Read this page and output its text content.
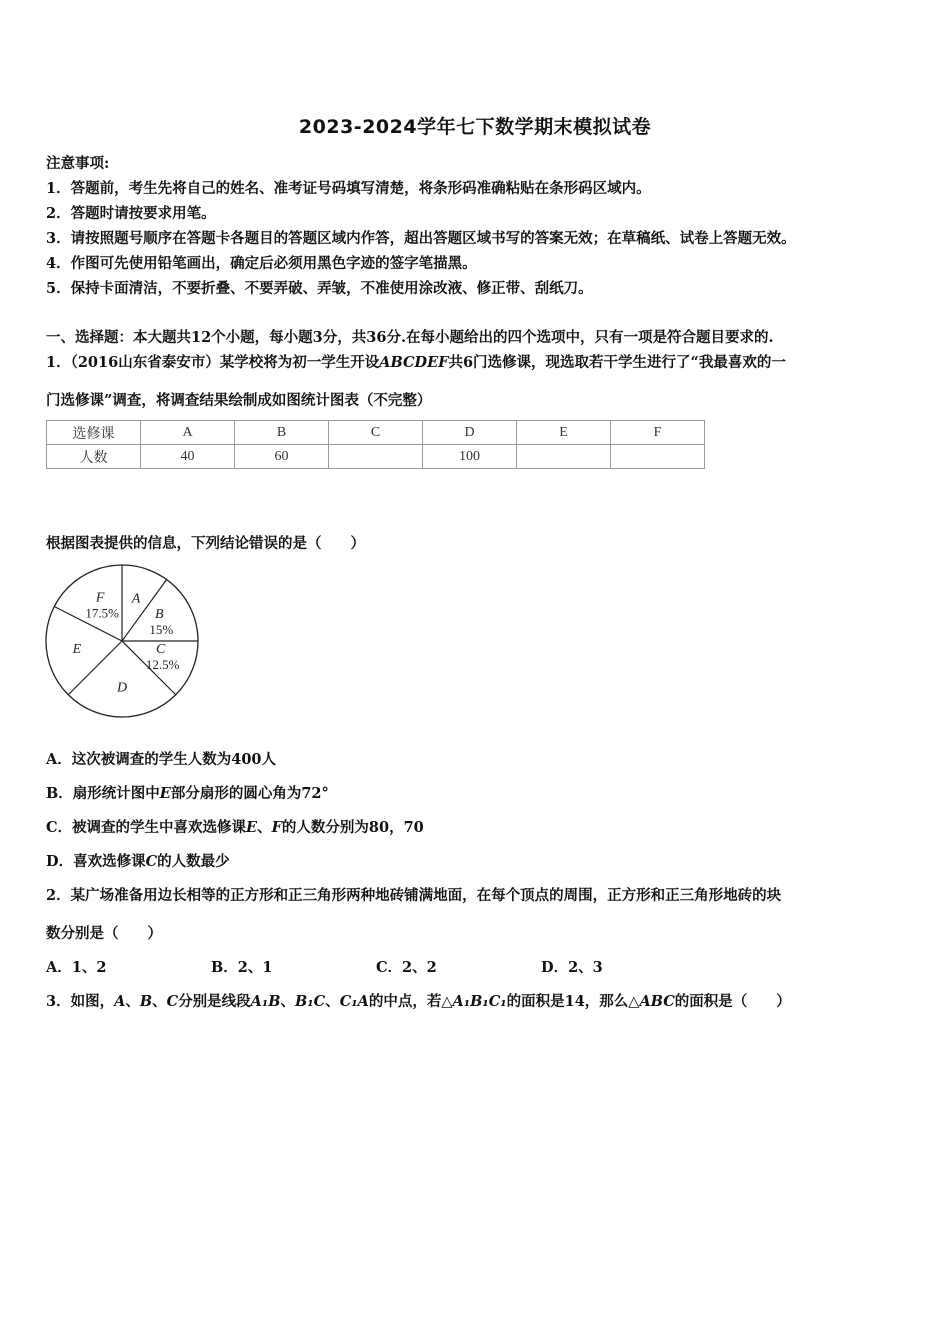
2023-2024学年七下数学期末模拟试卷
注意事项:
1．答题前，考生先将自己的姓名、准考证号码填写清楚，将条形码准确粘贴在条形码区域内。
2．答题时请按要求用笔。
3．请按照题号顺序在答题卡各题目的答题区域内作答，超出答题区域书写的答案无效；在草稿纸、试卷上答题无效。
4．作图可先使用铅笔画出，确定后必须用黑色字迹的签字笔描黑。
5．保持卡面清洁，不要折叠、不要弄破、弄皱，不准使用涂改液、修正带、刮纸刀。
一、选择题：本大题共12个小题，每小题3分，共36分.在每小题给出的四个选项中，只有一项是符合题目要求的.
1．（2016山东省泰安市）某学校将为初一学生开设ABCDEF共6门选修课，现选取若干学生进行了“我最喜欢的一
门选修课”调查，将调查结果绘制成如图统计图表（不完整）
选修课	A	B	C	D	E	F
人数	40	60		100		
根据图表提供的信息，下列结论错误的是（　　）
A
B
15%
C
12.5%
D
E
F
17.5%
A．这次被调查的学生人数为400人
B．扇形统计图中E部分扇形的圆心角为72°
C．被调查的学生中喜欢选修课E、F的人数分别为80，70
D．喜欢选修课C的人数最少
2．某广场准备用边长相等的正方形和正三角形两种地砖铺满地面，在每个顶点的周围，正方形和正三角形地砖的块
数分别是（　　）
A．1、2	B．2、1	C．2、2	D．2、3
3．如图，A、B、C分别是线段A₁B、B₁C、C₁A的中点，若△A₁B₁C₁的面积是14，那么△ABC的面积是（　　）
